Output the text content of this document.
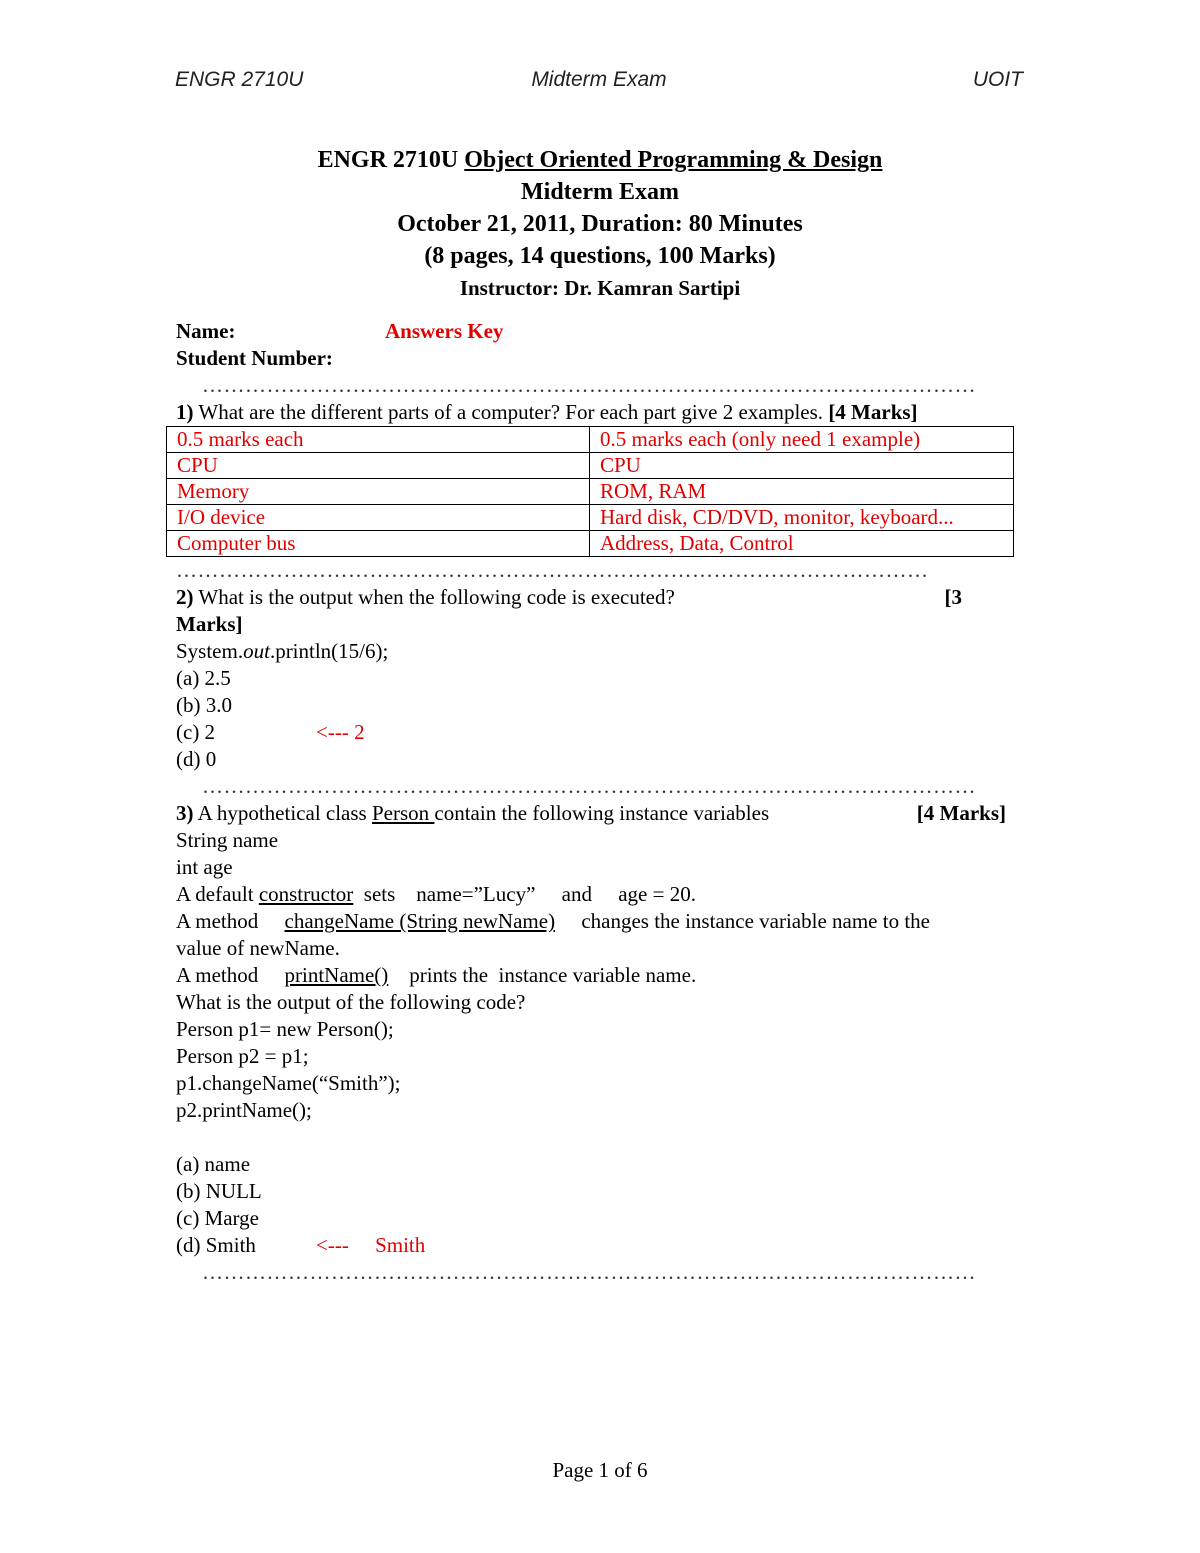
ENGR 2710U	Midterm Exam	UOIT
ENGR 2710U Object Oriented Programming & Design
Midterm Exam
October 21, 2011, Duration: 80 Minutes
(8 pages, 14 questions, 100 Marks)
Instructor: Dr. Kamran Sartipi
Name:	Answers Key
Student Number:
………………………………………………………………………………………………
1) What are the different parts of a computer? For each part give 2 examples. [4 Marks]
0.5 marks each	0.5 marks each (only need 1 example)
CPU	CPU
Memory	ROM, RAM
I/O device	Hard disk, CD/DVD, monitor, keyboard...
Computer bus	Address, Data, Control
……………………………………………………………………………………………
2) What is the output when the following code is executed?	[3
Marks]
System.out.println(15/6);
(a) 2.5
(b) 3.0
(c) 2	<--- 2
(d) 0
………………………………………………………………………………………………
3) A hypothetical class Person contain the following instance variables	[4 Marks]
String name
int age
A default constructor  sets    name=”Lucy”     and     age = 20.
A method     changeName (String newName)     changes the instance variable name to the
value of newName.
A method     printName()    prints the  instance variable name.
What is the output of the following code?
Person p1= new Person();
Person p2 = p1;
p1.changeName(“Smith”);
p2.printName();
(a) name
(b) NULL
(c) Marge
(d) Smith	<---     Smith
………………………………………………………………………………………………
Page 1 of 6
